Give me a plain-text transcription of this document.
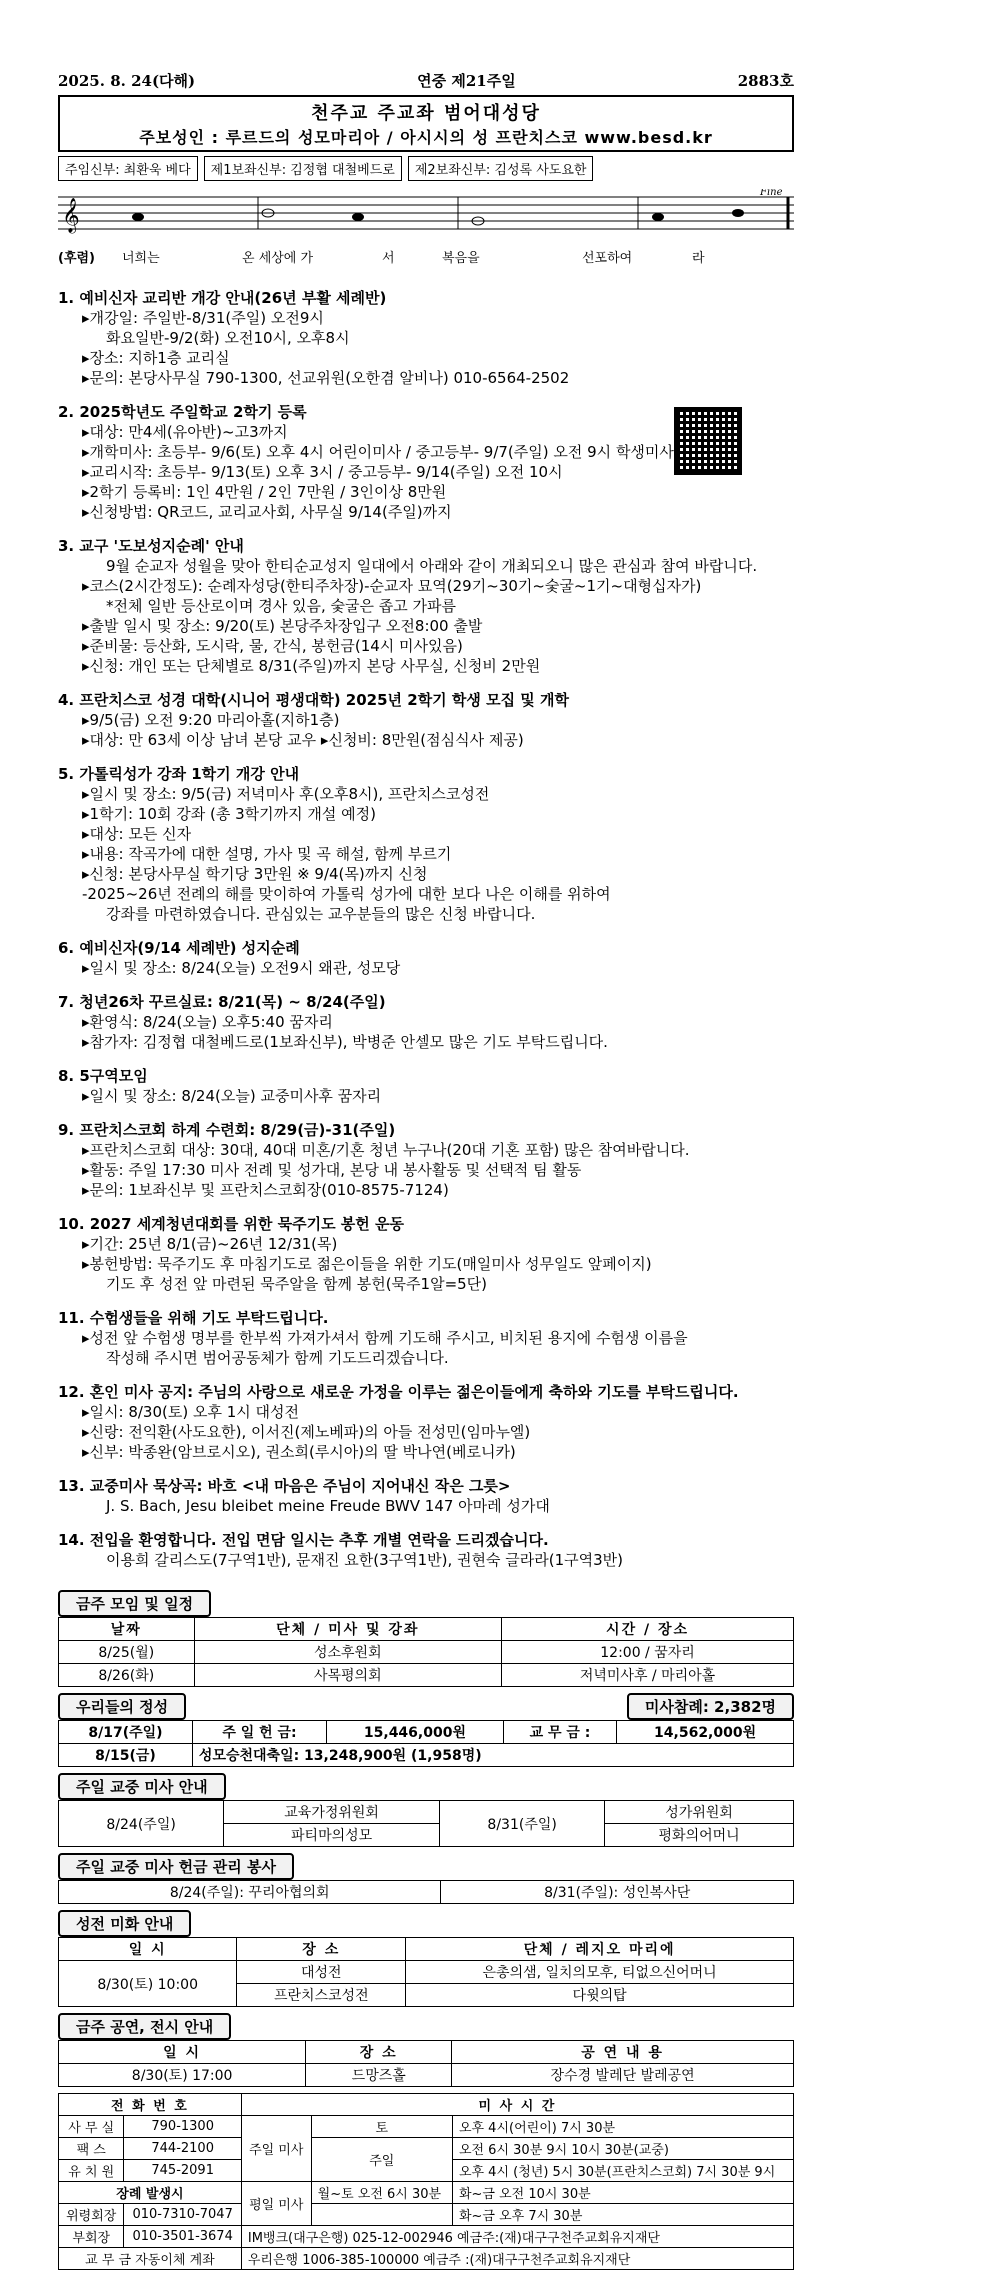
2025. 8. 24(다해)	연중 제21주일	2883호
천주교 주교좌 범어대성당
주보성인 : 루르드의 성모마리아 / 아시시의 성 프란치스코 www.besd.kr
주임신부: 최환욱 베다	제1보좌신부: 김정협 대철베드로	제2보좌신부: 김성록 사도요한
𝄞
Fine
(후렴)	너희는	온 세상에 가	서	복음을	선포하여	라
1. 예비신자 교리반 개강 안내(26년 부활 세례반)
▸개강일: 주일반-8/31(주일) 오전9시
화요일반-9/2(화) 오전10시, 오후8시
▸장소: 지하1층 교리실
▸문의: 본당사무실 790-1300, 선교위원(오한겸 알비나) 010-6564-2502
2. 2025학년도 주일학교 2학기 등록
▸대상: 만4세(유아반)~고3까지
▸개학미사: 초등부- 9/6(토) 오후 4시 어린이미사 / 중고등부- 9/7(주일) 오전 9시 학생미사
▸교리시작: 초등부- 9/13(토) 오후 3시 / 중고등부- 9/14(주일) 오전 10시
▸2학기 등록비: 1인 4만원 / 2인 7만원 / 3인이상 8만원
▸신청방법: QR코드, 교리교사회, 사무실 9/14(주일)까지
3. 교구 '도보성지순례' 안내
9월 순교자 성월을 맞아 한티순교성지 일대에서 아래와 같이 개최되오니 많은 관심과 참여 바랍니다.
▸코스(2시간정도): 순례자성당(한티주차장)-순교자 묘역(29기~30기~숯굴~1기~대형십자가)
*전체 일반 등산로이며 경사 있음, 숯굴은 좁고 가파름
▸출발 일시 및 장소: 9/20(토) 본당주차장입구 오전8:00 출발
▸준비물: 등산화, 도시락, 물, 간식, 봉헌금(14시 미사있음)
▸신청: 개인 또는 단체별로 8/31(주일)까지 본당 사무실, 신청비 2만원
4. 프란치스코 성경 대학(시니어 평생대학) 2025년 2학기 학생 모집 및 개학
▸9/5(금) 오전 9:20 마리아홀(지하1층)
▸대상: 만 63세 이상 남녀 본당 교우 ▸신청비: 8만원(점심식사 제공)
5. 가톨릭성가 강좌 1학기 개강 안내
▸일시 및 장소: 9/5(금) 저녁미사 후(오후8시), 프란치스코성전
▸1학기: 10회 강좌 (총 3학기까지 개설 예정)
▸대상: 모든 신자
▸내용: 작곡가에 대한 설명, 가사 및 곡 해설, 함께 부르기
▸신청: 본당사무실 학기당 3만원 ※ 9/4(목)까지 신청
-2025~26년 전례의 해를 맞이하여 가톨릭 성가에 대한 보다 나은 이해를 위하여
강좌를 마련하였습니다. 관심있는 교우분들의 많은 신청 바랍니다.
6. 예비신자(9/14 세례반) 성지순례
▸일시 및 장소: 8/24(오늘) 오전9시 왜관, 성모당
7. 청년26차 꾸르실료: 8/21(목) ~ 8/24(주일)
▸환영식: 8/24(오늘) 오후5:40 꿈자리
▸참가자: 김정협 대철베드로(1보좌신부), 박병준 안셀모 많은 기도 부탁드립니다.
8. 5구역모임
▸일시 및 장소: 8/24(오늘) 교중미사후 꿈자리
9. 프란치스코회 하계 수련회: 8/29(금)-31(주일)
▸프란치스코회 대상: 30대, 40대 미혼/기혼 청년 누구나(20대 기혼 포함) 많은 참여바랍니다.
▸활동: 주일 17:30 미사 전례 및 성가대, 본당 내 봉사활동 및 선택적 팀 활동
▸문의: 1보좌신부 및 프란치스코회장(010-8575-7124)
10. 2027 세계청년대회를 위한 묵주기도 봉헌 운동
▸기간: 25년 8/1(금)~26년 12/31(목)
▸봉헌방법: 묵주기도 후 마침기도로 젊은이들을 위한 기도(매일미사 성무일도 앞페이지)
기도 후 성전 앞 마련된 묵주알을 함께 봉헌(묵주1알=5단)
11. 수험생들을 위해 기도 부탁드립니다.
▸성전 앞 수험생 명부를 한부씩 가져가셔서 함께 기도해 주시고, 비치된 용지에 수험생 이름을
작성해 주시면 범어공동체가 함께 기도드리겠습니다.
12. 혼인 미사 공지: 주님의 사랑으로 새로운 가정을 이루는 젊은이들에게 축하와 기도를 부탁드립니다.
▸일시: 8/30(토) 오후 1시 대성전
▸신랑: 전익환(사도요한), 이서진(제노베파)의 아들 전성민(임마누엘)
▸신부: 박종완(암브로시오), 권소희(루시아)의 딸 박나연(베로니카)
13. 교중미사 묵상곡: 바흐 <내 마음은 주님이 지어내신 작은 그릇>
J. S. Bach, Jesu bleibet meine Freude BWV 147 아마레 성가대
14. 전입을 환영합니다. 전입 면담 일시는 추후 개별 연락을 드리겠습니다.
이용희 갈리스도(7구역1반), 문재진 요한(3구역1반), 권현숙 글라라(1구역3반)
금주 모임 및 일정
날짜	단체 / 미사 및 강좌	시간 / 장소
8/25(월)	성소후원회	12:00 / 꿈자리
8/26(화)	사목평의회	저녁미사후 / 마리아홀
우리들의 정성	미사참례: 2,382명
8/17(주일)	주 일 헌 금:	15,446,000원	교 무 금 :	14,562,000원
8/15(금)	성모승천대축일: 13,248,900원 (1,958명)			
주일 교중 미사 안내
8/24(주일)	교육가정위원회	8/31(주일)	성가위원회
	파티마의성모		평화의어머니
주일 교중 미사 헌금 관리 봉사
8/24(주일): 꾸리아협의회	8/31(주일): 성인복사단
성전 미화 안내
일 시	장 소	단체 / 레지오 마리에
8/30(토) 10:00	대성전	은총의샘, 일치의모후, 티없으신어머니
	프란치스코성전	다윗의탑
금주 공연, 전시 안내
일 시	장 소	공 연 내 용
8/30(토) 17:00	드망즈홀	장수경 발레단 발레공연
전 화 번 호		미 사 시 간		
사 무 실	790-1300	주일 미사	토	오후 4시(어린이) 7시 30분
팩 스	744-2100		주일	오전 6시 30분 9시 10시 30분(교중)
유 치 원	745-2091			오후 4시 (청년) 5시 30분(프란치스코회) 7시 30분 9시
장례 발생시		평일 미사	월~토 오전 6시 30분	화~금 오전 10시 30분
위령회장	010-7310-7047			화~금 오후 7시 30분
부회장	010-3501-3674	IM뱅크(대구은행) 025-12-002946 예금주:(재)대구구천주교회유지재단		
교 무 금 자동이체 계좌		우리은행 1006-385-100000 예금주 :(재)대구구천주교회유지재단		
